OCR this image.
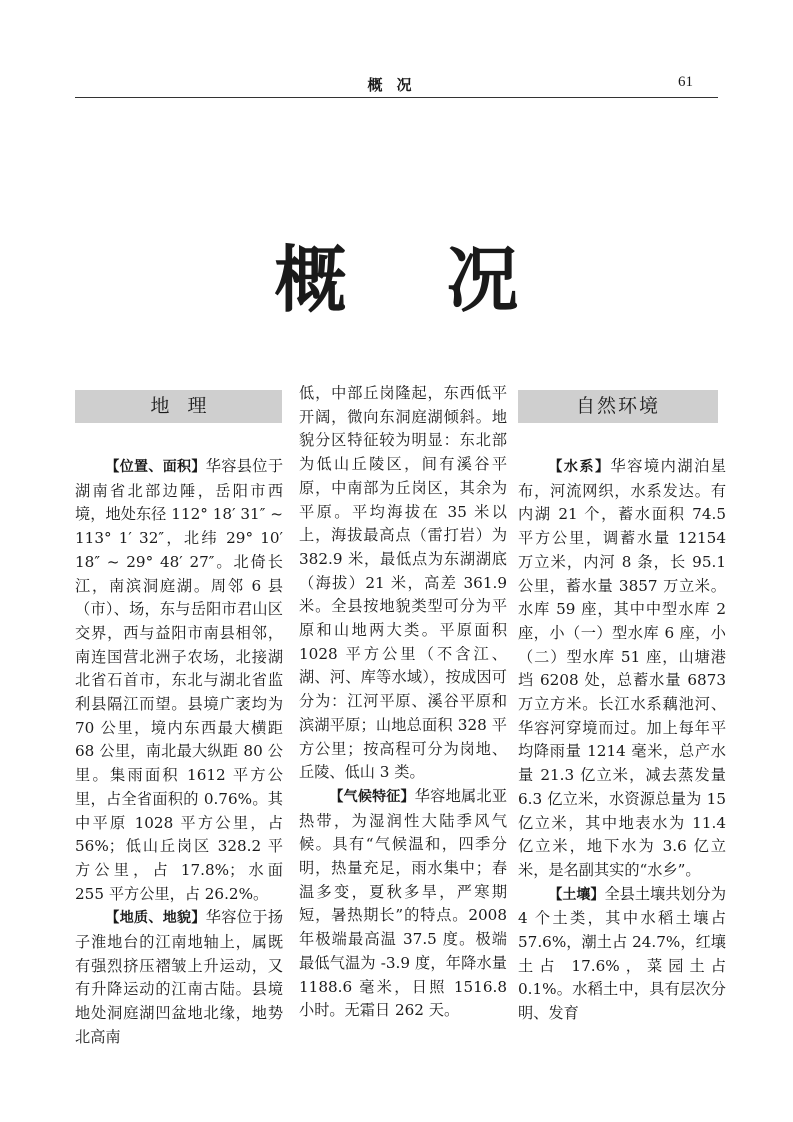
概况	61
概况
地理

【位置、面积】华容县位于湖南省北部边陲，岳阳市西境，地处东径 112° 18′ 31″ ~ 113° 1′ 32″，北纬 29° 10′ 18″ ~ 29° 48′ 27″。北倚长江，南滨洞庭湖。周邻 6 县（市）、场，东与岳阳市君山区交界，西与益阳市南县相邻，南连国营北洲子农场，北接湖北省石首市，东北与湖北省监利县隔江而望。县境广袤均为 70 公里，境内东西最大横距 68 公里，南北最大纵距 80 公里。集雨面积 1612 平方公里，占全省面积的 0.76%。其中平原 1028 平方公里，占 56%；低山丘岗区 328.2 平方公里，占 17.8%；水面 255 平方公里，占 26.2%。

【地质、地貌】华容位于扬子淮地台的江南地轴上，属既有强烈挤压褶皱上升运动，又有升降运动的江南古陆。县境地处洞庭湖凹盆地北缘，地势北高南

低，中部丘岗隆起，东西低平开阔，微向东洞庭湖倾斜。地貌分区特征较为明显：东北部为低山丘陵区，间有溪谷平原，中南部为丘岗区，其余为平原。平均海拔在 35 米以上，海拔最高点（雷打岩）为 382.9 米，最低点为东湖湖底（海拔）21 米，高差 361.9 米。全县按地貌类型可分为平原和山地两大类。平原面积 1028 平方公里（不含江、湖、河、库等水域），按成因可分为：江河平原、溪谷平原和滨湖平原；山地总面积 328 平方公里；按高程可分为岗地、丘陵、低山 3 类。

【气候特征】华容地属北亚热带，为湿润性大陆季风气候。具有“气候温和，四季分明，热量充足，雨水集中；春温多变，夏秋多旱，严寒期短，暑热期长”的特点。2008 年极端最高温 37.5 度。极端最低气温为 -3.9 度，年降水量 1188.6 毫米，日照 1516.8 小时。无霜日 262 天。

自然环境

【水系】华容境内湖泊星布，河流网织，水系发达。有内湖 21 个，蓄水面积 74.5 平方公里，调蓄水量 12154 万立米，内河 8 条，长 95.1 公里，蓄水量 3857 万立米。水库 59 座，其中中型水库 2 座，小（一）型水库 6 座，小（二）型水库 51 座，山塘港垱 6208 处，总蓄水量 6873 万立方米。长江水系藕池河、华容河穿境而过。加上每年平均降雨量 1214 毫米，总产水量 21.3 亿立米，减去蒸发量 6.3 亿立米，水资源总量为 15 亿立米，其中地表水为 11.4 亿立米，地下水为 3.6 亿立米，是名副其实的“水乡”。

【土壤】全县土壤共划分为 4 个土类，其中水稻土壤占 57.6%，潮土占 24.7%，红壤土占 17.6%，菜园土占 0.1%。水稻土中，具有层次分明、发育
